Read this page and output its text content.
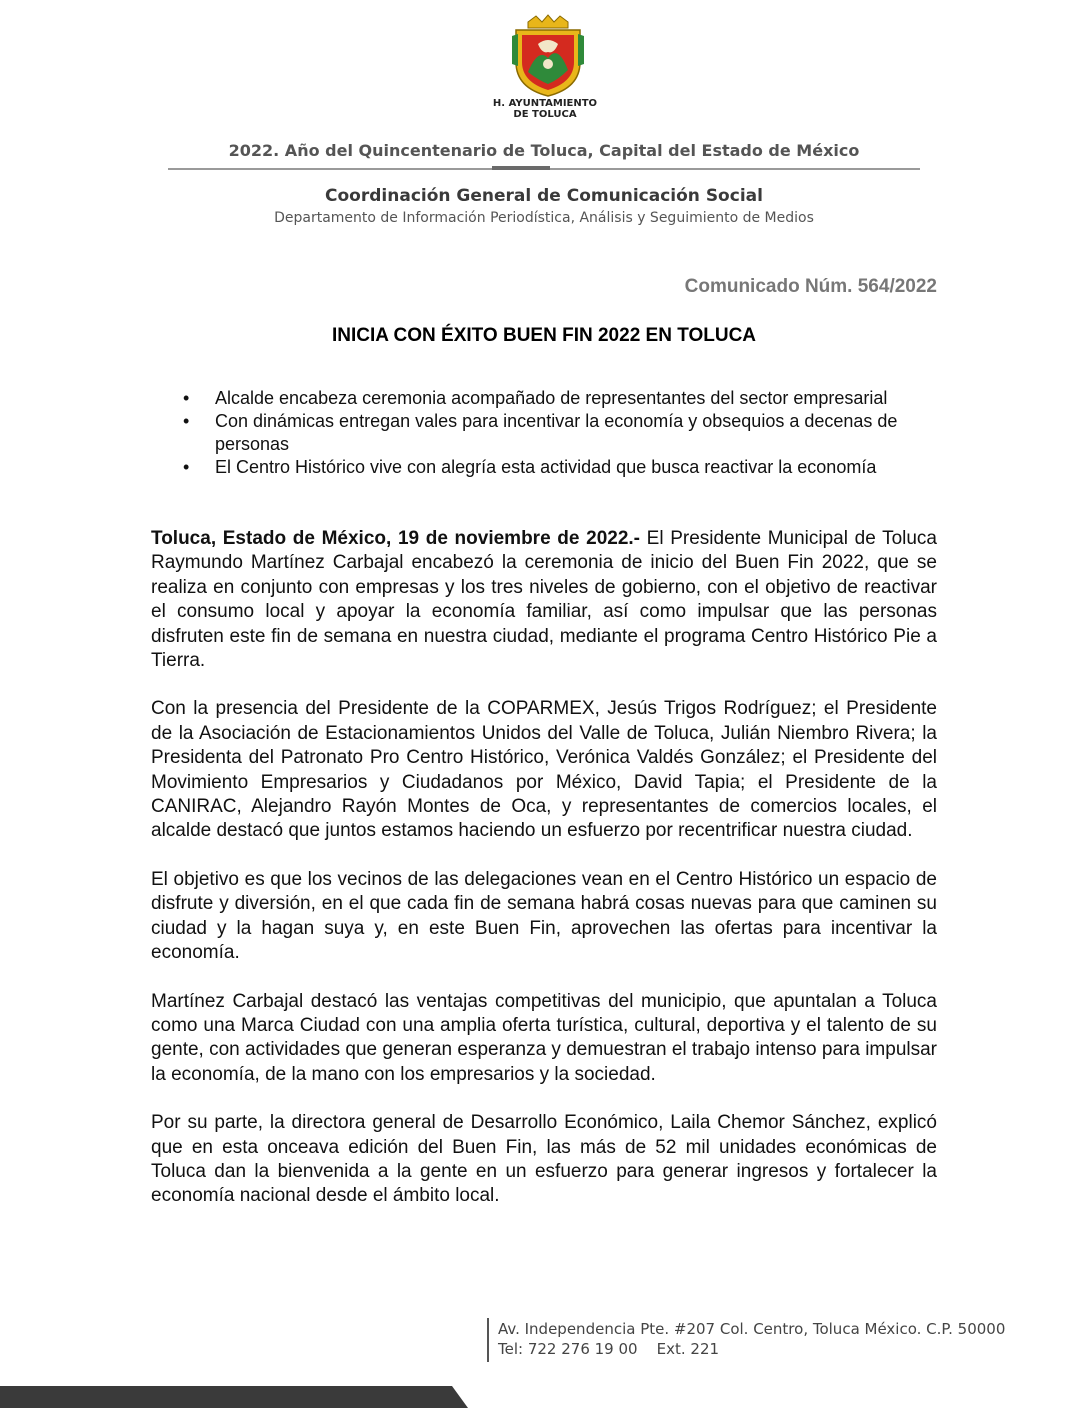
H. AYUNTAMIENTO
DE TOLUCA
2022. Año del Quincentenario de Toluca, Capital del Estado de México
Coordinación General de Comunicación Social
Departamento de Información Periodística, Análisis y Seguimiento de Medios
Comunicado Núm. 564/2022
INICIA CON ÉXITO BUEN FIN 2022 EN TOLUCA
• Alcalde encabeza ceremonia acompañado de representantes del sector empresarial
• Con dinámicas entregan vales para incentivar la economía y obsequios a decenas de personas
• El Centro Histórico vive con alegría esta actividad que busca reactivar la economía

Toluca, Estado de México, 19 de noviembre de 2022.- El Presidente Municipal de Toluca Raymundo Martínez Carbajal encabezó la ceremonia de inicio del Buen Fin 2022, que se realiza en conjunto con empresas y los tres niveles de gobierno, con el objetivo de reactivar el consumo local y apoyar la economía familiar, así como impulsar que las personas disfruten este fin de semana en nuestra ciudad, mediante el programa Centro Histórico Pie a Tierra.

Con la presencia del Presidente de la COPARMEX, Jesús Trigos Rodríguez; el Presidente de la Asociación de Estacionamientos Unidos del Valle de Toluca, Julián Niembro Rivera; la Presidenta del Patronato Pro Centro Histórico, Verónica Valdés González; el Presidente del Movimiento Empresarios y Ciudadanos por México, David Tapia; el Presidente de la CANIRAC, Alejandro Rayón Montes de Oca, y representantes de comercios locales, el alcalde destacó que juntos estamos haciendo un esfuerzo por recentrificar nuestra ciudad.

El objetivo es que los vecinos de las delegaciones vean en el Centro Histórico un espacio de disfrute y diversión, en el que cada fin de semana habrá cosas nuevas para que caminen su ciudad y la hagan suya y, en este Buen Fin, aprovechen las ofertas para incentivar la economía.

Martínez Carbajal destacó las ventajas competitivas del municipio, que apuntalan a Toluca como una Marca Ciudad con una amplia oferta turística, cultural, deportiva y el talento de su gente, con actividades que generan esperanza y demuestran el trabajo intenso para impulsar la economía, de la mano con los empresarios y la sociedad.

Por su parte, la directora general de Desarrollo Económico, Laila Chemor Sánchez, explicó que en esta onceava edición del Buen Fin, las más de 52 mil unidades económicas de Toluca dan la bienvenida a la gente en un esfuerzo para generar ingresos y fortalecer la economía nacional desde el ámbito local.

Av. Independencia Pte. #207 Col. Centro, Toluca México. C.P. 50000
Tel: 722 276 19 00    Ext. 221
